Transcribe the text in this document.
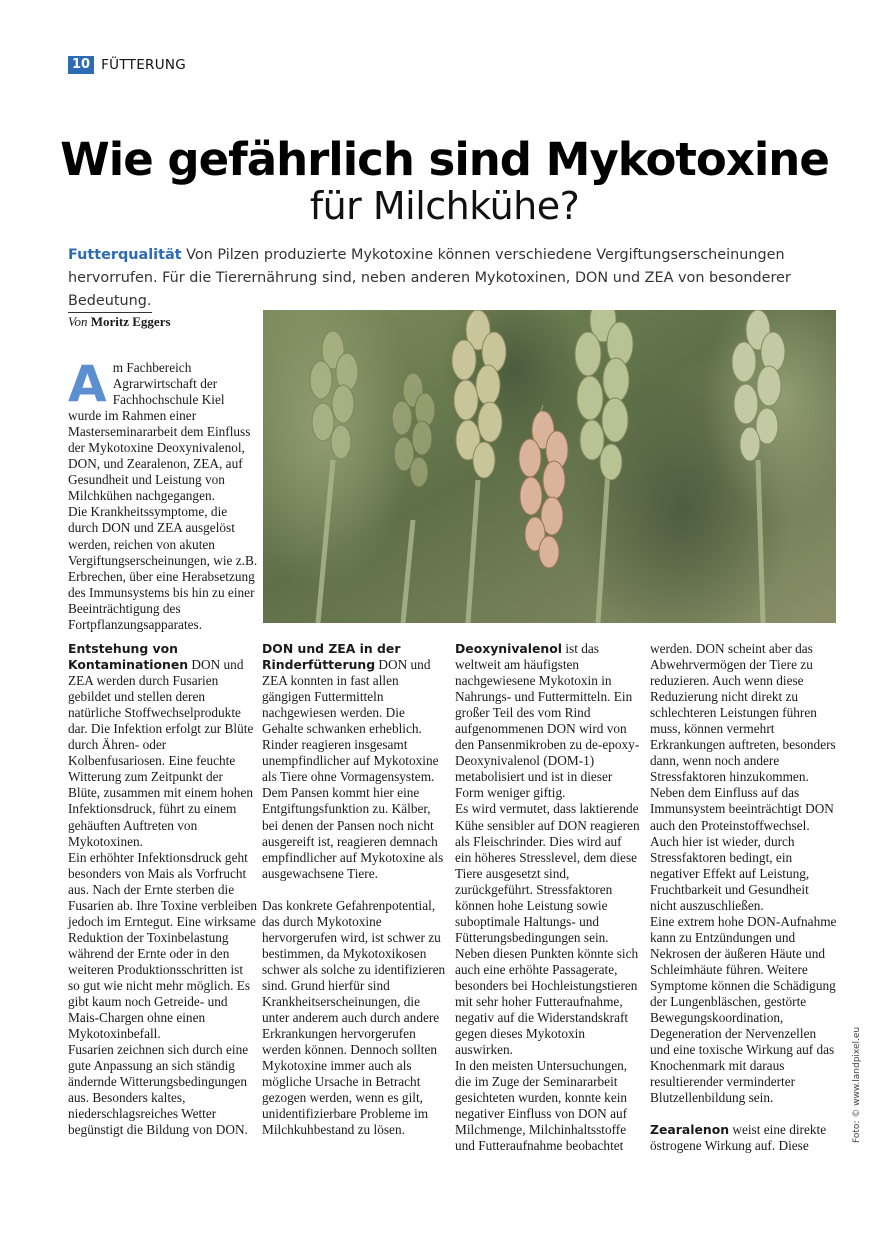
10 FÜTTERUNG
Wie gefährlich sind Mykotoxine
für Milchkühe?
Futterqualität Von Pilzen produzierte Mykotoxine können verschiedene Vergiftungserscheinungen hervorrufen. Für die Tierernährung sind, neben anderen Mykotoxinen, DON und ZEA von besonderer Bedeutung.
Von Moritz Eggers
A m Fachbereich Agrarwirtschaft der Fachhochschule Kiel wurde im Rahmen einer Masterseminararbeit dem Einfluss der Mykotoxine Deoxynivalenol, DON, und Zearalenon, ZEA, auf Gesundheit und Leistung von Milchkühen nachgegangen.

Die Krankheitssymptome, die durch DON und ZEA ausgelöst werden, reichen von akuten Vergiftungserscheinungen, wie z.B. Erbrechen, über eine Herabsetzung des Immunsystems bis hin zu einer Beeinträchtigung des Fortpflanzungsapparates.

Entstehung von Kontaminationen DON und ZEA werden durch Fusarien gebildet und stellen deren natürliche Stoffwechselprodukte dar. Die Infektion erfolgt zur Blüte durch Ähren- oder Kolbenfusariosen. Eine feuchte Witterung zum Zeitpunkt der Blüte, zusammen mit einem hohen Infektionsdruck, führt zu einem gehäuften Auftreten von Mykotoxinen.

Ein erhöhter Infektionsdruck geht besonders von Mais als Vorfrucht aus. Nach der Ernte sterben die Fusarien ab. Ihre Toxine verbleiben jedoch im Erntegut. Eine wirksame Reduktion der Toxinbelastung während der Ernte oder in den weiteren Produktionsschritten ist so gut wie nicht mehr möglich. Es gibt kaum noch Getreide- und Mais-Chargen ohne einen Mykotoxinbefall.

Fusarien zeichnen sich durch eine gute Anpassung an sich ständig ändernde Witterungsbedingungen aus. Besonders kaltes, niederschlagsreiches Wetter begünstigt die Bildung von DON.

DON und ZEA in der Rinderfütterung DON und ZEA konnten in fast allen gängigen Futtermitteln nachgewiesen werden. Die Gehalte schwanken erheblich.

Rinder reagieren insgesamt unempfindlicher auf Mykotoxine als Tiere ohne Vormagensystem. Dem Pansen kommt hier eine Entgiftungsfunktion zu. Kälber, bei denen der Pansen noch nicht ausgereift ist, reagieren demnach empfindlicher auf Mykotoxine als ausgewachsene Tiere.

Das konkrete Gefahrenpotential, das durch Mykotoxine hervorgerufen wird, ist schwer zu bestimmen, da Mykotoxikosen schwer als solche zu identifizieren sind. Grund hierfür sind Krankheitserscheinungen, die unter anderem auch durch andere Erkrankungen hervorgerufen werden können. Dennoch sollten Mykotoxine immer auch als mögliche Ursache in Betracht gezogen werden, wenn es gilt, unidentifizierbare Probleme im Milchkuhbestand zu lösen.

Deoxynivalenol ist das weltweit am häufigsten nachgewiesene Mykotoxin in Nahrungs- und Futtermitteln. Ein großer Teil des vom Rind aufgenommenen DON wird von den Pansenmikroben zu de-epoxy-Deoxynivalenol (DOM-1) metabolisiert und ist in dieser Form weniger giftig.

Es wird vermutet, dass laktierende Kühe sensibler auf DON reagieren als Fleischrinder. Dies wird auf ein höheres Stresslevel, dem diese Tiere ausgesetzt sind, zurückgeführt. Stressfaktoren können hohe Leistung sowie suboptimale Haltungs- und Fütterungsbedingungen sein. Neben diesen Punkten könnte sich auch eine erhöhte Passagerate, besonders bei Hochleistungstieren mit sehr hoher Futteraufnahme, negativ auf die Widerstandskraft gegen dieses Mykotoxin auswirken.

In den meisten Untersuchungen, die im Zuge der Seminararbeit gesichteten wurden, konnte kein negativer Einfluss von DON auf Milchmenge, Milchinhaltsstoffe und Futteraufnahme beobachtet

werden. DON scheint aber das Abwehrvermögen der Tiere zu reduzieren. Auch wenn diese Reduzierung nicht direkt zu schlechteren Leistungen führen muss, können vermehrt Erkrankungen auftreten, besonders dann, wenn noch andere Stressfaktoren hinzukommen.

Neben dem Einfluss auf das Immunsystem beeinträchtigt DON auch den Proteinstoffwechsel. Auch hier ist wieder, durch Stressfaktoren bedingt, ein negativer Effekt auf Leistung, Fruchtbarkeit und Gesundheit nicht auszuschließen.

Eine extrem hohe DON-Aufnahme kann zu Entzündungen und Nekrosen der äußeren Häute und Schleimhäute führen. Weitere Symptome können die Schädigung der Lungenbläschen, gestörte Bewegungskoordination, Degeneration der Nervenzellen und eine toxische Wirkung auf das Knochenmark mit daraus resultierender verminderter Blutzellenbildung sein.

Zearalenon weist eine direkte östrogene Wirkung auf. Diese

Foto: © www.landpixel.eu
